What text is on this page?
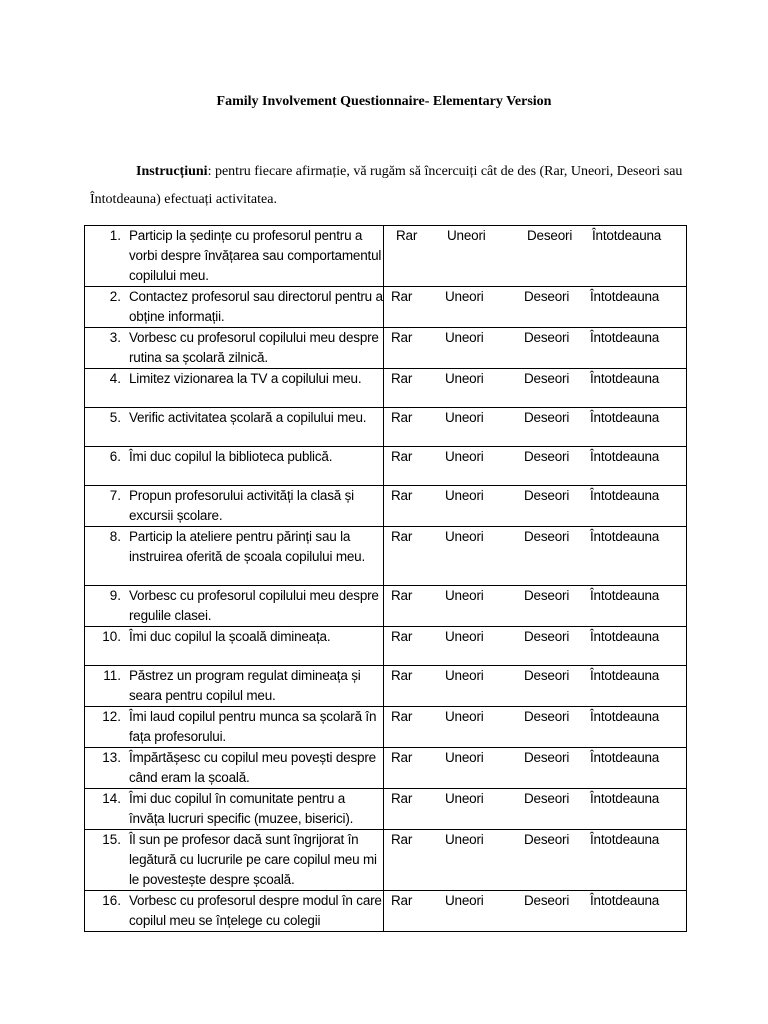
Family Involvement Questionnaire- Elementary Version
Instrucțiuni: pentru fiecare afirmație, vă rugăm să încercuiți cât de des (Rar, Uneori, Deseori sau Întotdeauna) efectuați activitatea.
1. Particip la ședințe cu profesorul pentru a vorbi despre învățarea sau comportamentul copilului meu.	Rar Uneori Deseori Întotdeauna

2. Contactez profesorul sau directorul pentru a obține informații.	Rar Uneori Deseori Întotdeauna

3. Vorbesc cu profesorul copilului meu despre rutina sa școlară zilnică.	Rar Uneori Deseori Întotdeauna

4. Limitez vizionarea la TV a copilului meu.	Rar Uneori Deseori Întotdeauna

5. Verific activitatea școlară a copilului meu.	Rar Uneori Deseori Întotdeauna

6. Îmi duc copilul la biblioteca publică.	Rar Uneori Deseori Întotdeauna

7. Propun profesorului activități la clasă și excursii școlare.	Rar Uneori Deseori Întotdeauna

8. Particip la ateliere pentru părinți sau la instruirea oferită de școala copilului meu.	Rar Uneori Deseori Întotdeauna

9. Vorbesc cu profesorul copilului meu despre regulile clasei.	Rar Uneori Deseori Întotdeauna

10. Îmi duc copilul la școală dimineața.	Rar Uneori Deseori Întotdeauna

11. Păstrez un program regulat dimineața și seara pentru copilul meu.	Rar Uneori Deseori Întotdeauna

12. Îmi laud copilul pentru munca sa școlară în fața profesorului.	Rar Uneori Deseori Întotdeauna

13. Împărtășesc cu copilul meu povești despre când eram la școală.	Rar Uneori Deseori Întotdeauna

14. Îmi duc copilul în comunitate pentru a învăța lucruri specific (muzee, biserici).	Rar Uneori Deseori Întotdeauna

15. Îl sun pe profesor dacă sunt îngrijorat în legătură cu lucrurile pe care copilul meu mi le povestește despre școală.	Rar Uneori Deseori Întotdeauna

16. Vorbesc cu profesorul despre modul în care copilul meu se înțelege cu colegii	Rar Uneori Deseori Întotdeauna
